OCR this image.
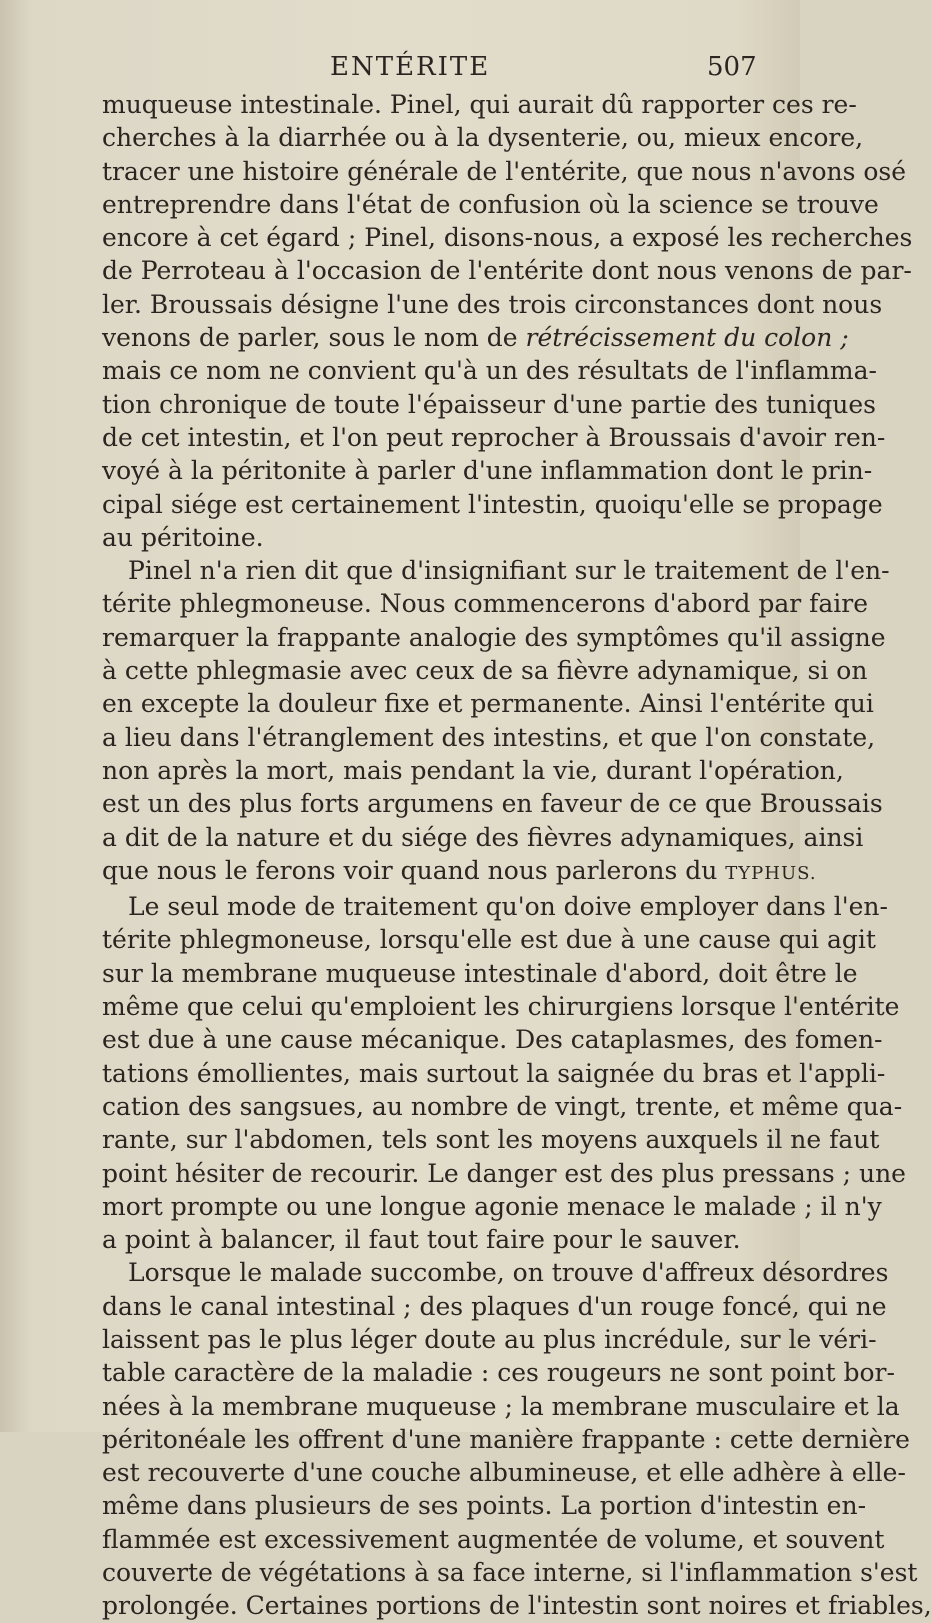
ENTÉRITE	507
muqueuse intestinale. Pinel, qui aurait dû rapporter ces re-
cherches à la diarrhée ou à la dysenterie, ou, mieux encore,
tracer une histoire générale de l'entérite, que nous n'avons osé
entreprendre dans l'état de confusion où la science se trouve
encore à cet égard ; Pinel, disons-nous, a exposé les recherches
de Perroteau à l'occasion de l'entérite dont nous venons de par-
ler. Broussais désigne l'une des trois circonstances dont nous
venons de parler, sous le nom de rétrécissement du colon ;
mais ce nom ne convient qu'à un des résultats de l'inflamma-
tion chronique de toute l'épaisseur d'une partie des tuniques
de cet intestin, et l'on peut reprocher à Broussais d'avoir ren-
voyé à la péritonite à parler d'une inflammation dont le prin-
cipal siége est certainement l'intestin, quoiqu'elle se propage
au péritoine.
Pinel n'a rien dit que d'insignifiant sur le traitement de l'en-
térite phlegmoneuse. Nous commencerons d'abord par faire
remarquer la frappante analogie des symptômes qu'il assigne
à cette phlegmasie avec ceux de sa fièvre adynamique, si on
en excepte la douleur fixe et permanente. Ainsi l'entérite qui
a lieu dans l'étranglement des intestins, et que l'on constate,
non après la mort, mais pendant la vie, durant l'opération,
est un des plus forts argumens en faveur de ce que Broussais
a dit de la nature et du siége des fièvres adynamiques, ainsi
que nous le ferons voir quand nous parlerons du TYPHUS.
Le seul mode de traitement qu'on doive employer dans l'en-
térite phlegmoneuse, lorsqu'elle est due à une cause qui agit
sur la membrane muqueuse intestinale d'abord, doit être le
même que celui qu'emploient les chirurgiens lorsque l'entérite
est due à une cause mécanique. Des cataplasmes, des fomen-
tations émollientes, mais surtout la saignée du bras et l'appli-
cation des sangsues, au nombre de vingt, trente, et même qua-
rante, sur l'abdomen, tels sont les moyens auxquels il ne faut
point hésiter de recourir. Le danger est des plus pressans ; une
mort prompte ou une longue agonie menace le malade ; il n'y
a point à balancer, il faut tout faire pour le sauver.
Lorsque le malade succombe, on trouve d'affreux désordres
dans le canal intestinal ; des plaques d'un rouge foncé, qui ne
laissent pas le plus léger doute au plus incrédule, sur le véri-
table caractère de la maladie : ces rougeurs ne sont point bor-
nées à la membrane muqueuse ; la membrane musculaire et la
péritonéale les offrent d'une manière frappante : cette dernière
est recouverte d'une couche albumineuse, et elle adhère à elle-
même dans plusieurs de ses points. La portion d'intestin en-
flammée est excessivement augmentée de volume, et souvent
couverte de végétations à sa face interne, si l'inflammation s'est
prolongée. Certaines portions de l'intestin sont noires et friables,
